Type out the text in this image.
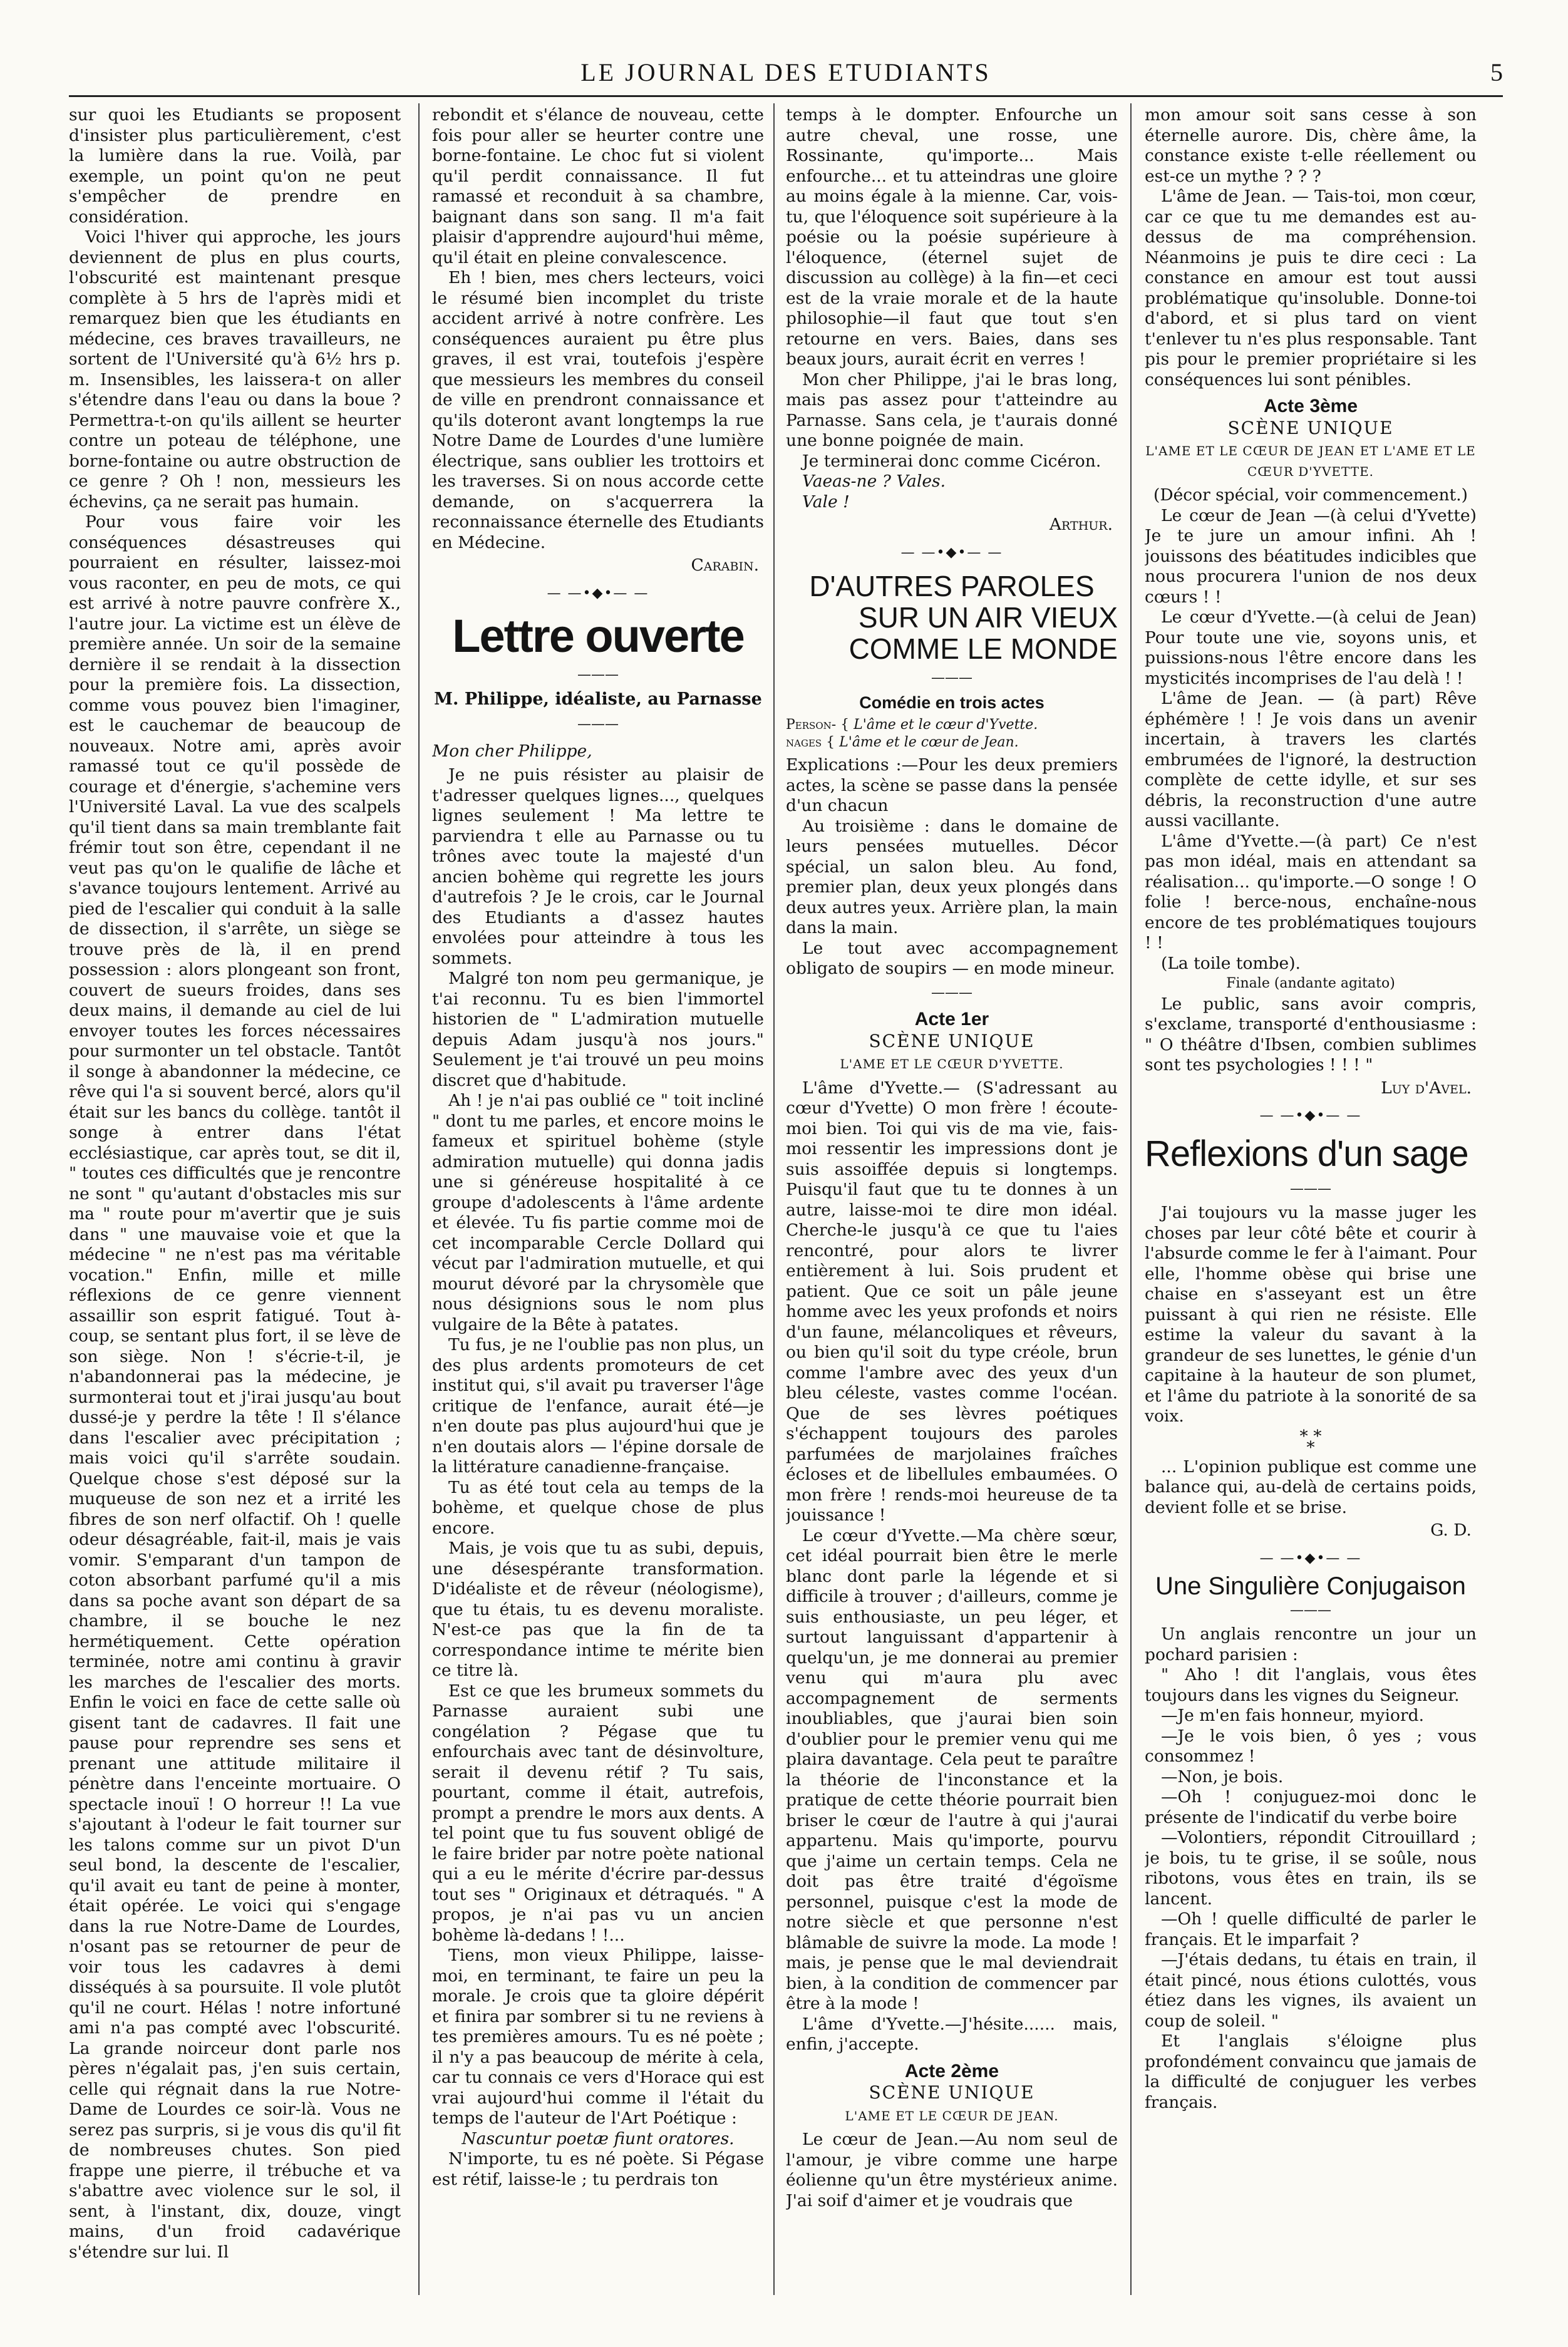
LE JOURNAL DES ETUDIANTS	5

sur quoi les Etudiants se proposent d'insister plus particulièrement, c'est la lumière dans la rue. Voilà, par exemple, un point qu'on ne peut s'empêcher de prendre en considération.

Voici l'hiver qui approche, les jours deviennent de plus en plus courts, l'obscurité est maintenant presque complète à 5 hrs de l'après midi et remarquez bien que les étudiants en médecine, ces braves travailleurs, ne sortent de l'Université qu'à 6½ hrs p. m. Insensibles, les laissera-t on aller s'étendre dans l'eau ou dans la boue ? Permettra-t-on qu'ils aillent se heurter contre un poteau de téléphone, une borne-fontaine ou autre obstruction de ce genre ? Oh ! non, messieurs les échevins, ça ne serait pas humain.

Pour vous faire voir les conséquences désastreuses qui pourraient en résulter, laissez-moi vous raconter, en peu de mots, ce qui est arrivé à notre pauvre confrère X., l'autre jour. La victime est un élève de première année. Un soir de la semaine dernière il se rendait à la dissection pour la première fois. La dissection, comme vous pouvez bien l'imaginer, est le cauchemar de beaucoup de nouveaux. Notre ami, après avoir ramassé tout ce qu'il possède de courage et d'énergie, s'achemine vers l'Université Laval. La vue des scalpels qu'il tient dans sa main tremblante fait frémir tout son être, cependant il ne veut pas qu'on le qualifie de lâche et s'avance toujours lentement. Arrivé au pied de l'escalier qui conduit à la salle de dissection, il s'arrête, un siège se trouve près de là, il en prend possession : alors plongeant son front, couvert de sueurs froides, dans ses deux mains, il demande au ciel de lui envoyer toutes les forces nécessaires pour surmonter un tel obstacle. Tantôt il songe à abandonner la médecine, ce rêve qui l'a si souvent bercé, alors qu'il était sur les bancs du collège. tantôt il songe à entrer dans l'état ecclésiastique, car après tout, se dit il, " toutes ces difficultés que je rencontre ne sont " qu'autant d'obstacles mis sur ma " route pour m'avertir que je suis dans " une mauvaise voie et que la médecine " ne n'est pas ma véritable vocation." Enfin, mille et mille réflexions de ce genre viennent assaillir son esprit fatigué. Tout à-coup, se sentant plus fort, il se lève de son siège. Non ! s'écrie-t-il, je n'abandonnerai pas la médecine, je surmonterai tout et j'irai jusqu'au bout dussé-je y perdre la tête ! Il s'élance dans l'escalier avec précipitation ; mais voici qu'il s'arrête soudain. Quelque chose s'est déposé sur la muqueuse de son nez et a irrité les fibres de son nerf olfactif. Oh ! quelle odeur désagréable, fait-il, mais je vais vomir. S'emparant d'un tampon de coton absorbant parfumé qu'il a mis dans sa poche avant son départ de sa chambre, il se bouche le nez hermétiquement. Cette opération terminée, notre ami continu à gravir les marches de l'escalier des morts. Enfin le voici en face de cette salle où gisent tant de cadavres. Il fait une pause pour reprendre ses sens et prenant une attitude militaire il pénètre dans l'enceinte mortuaire. O spectacle inouï ! O horreur !! La vue s'ajoutant à l'odeur le fait tourner sur les talons comme sur un pivot D'un seul bond, la descente de l'escalier, qu'il avait eu tant de peine à monter, était opérée. Le voici qui s'engage dans la rue Notre-Dame de Lourdes, n'osant pas se retourner de peur de voir tous les cadavres à demi disséqués à sa poursuite. Il vole plutôt qu'il ne court. Hélas ! notre infortuné ami n'a pas compté avec l'obscurité. La grande noirceur dont parle nos pères n'égalait pas, j'en suis certain, celle qui régnait dans la rue Notre-Dame de Lourdes ce soir-là. Vous ne serez pas surpris, si je vous dis qu'il fit de nombreuses chutes. Son pied frappe une pierre, il trébuche et va s'abattre avec violence sur le sol, il sent, à l'instant, dix, douze, vingt mains, d'un froid cadavérique s'étendre sur lui. Il

rebondit et s'élance de nouveau, cette fois pour aller se heurter contre une borne-fontaine. Le choc fut si violent qu'il perdit connaissance. Il fut ramassé et reconduit à sa chambre, baignant dans son sang. Il m'a fait plaisir d'apprendre aujourd'hui même, qu'il était en pleine convalescence.

Eh ! bien, mes chers lecteurs, voici le résumé bien incomplet du triste accident arrivé à notre confrère. Les conséquences auraient pu être plus graves, il est vrai, toutefois j'espère que messieurs les membres du conseil de ville en prendront connaissance et qu'ils doteront avant longtemps la rue Notre Dame de Lourdes d'une lumière électrique, sans oublier les trottoirs et les traverses. Si on nous accorde cette demande, on s'acquerrera la reconnaissance éternelle des Etudiants en Médecine.

Carabin.

— —•◆•— —

Lettre ouverte

———

M. Philippe, idéaliste, au Parnasse

———

Mon cher Philippe,

Je ne puis résister au plaisir de t'adresser quelques lignes..., quelques lignes seulement ! Ma lettre te parviendra t elle au Parnasse ou tu trônes avec toute la majesté d'un ancien bohème qui regrette les jours d'autrefois ? Je le crois, car le Journal des Etudiants a d'assez hautes envolées pour atteindre à tous les sommets.

Malgré ton nom peu germanique, je t'ai reconnu. Tu es bien l'immortel historien de " L'admiration mutuelle depuis Adam jusqu'à nos jours." Seulement je t'ai trouvé un peu moins discret que d'habitude.

Ah ! je n'ai pas oublié ce " toit incliné " dont tu me parles, et encore moins le fameux et spirituel bohème (style admiration mutuelle) qui donna jadis une si généreuse hospitalité à ce groupe d'adolescents à l'âme ardente et élevée. Tu fis partie comme moi de cet incomparable Cercle Dollard qui vécut par l'admiration mutuelle, et qui mourut dévoré par la chrysomèle que nous désignions sous le nom plus vulgaire de la Bête à patates.

Tu fus, je ne l'oublie pas non plus, un des plus ardents promoteurs de cet institut qui, s'il avait pu traverser l'âge critique de l'enfance, aurait été—je n'en doute pas plus aujourd'hui que je n'en doutais alors — l'épine dorsale de la littérature canadienne-française.

Tu as été tout cela au temps de la bohème, et quelque chose de plus encore.

Mais, je vois que tu as subi, depuis, une désespérante transformation. D'idéaliste et de rêveur (néologisme), que tu étais, tu es devenu moraliste. N'est-ce pas que la fin de ta correspondance intime te mérite bien ce titre là.

Est ce que les brumeux sommets du Parnasse auraient subi une congélation ? Pégase que tu enfourchais avec tant de désinvolture, serait il devenu rétif ? Tu sais, pourtant, comme il était, autrefois, prompt a prendre le mors aux dents. A tel point que tu fus souvent obligé de le faire brider par notre poète national qui a eu le mérite d'écrire par-dessus tout ses " Originaux et détraqués. " A propos, je n'ai pas vu un ancien bohème là-dedans ! !...

Tiens, mon vieux Philippe, laisse-moi, en terminant, te faire un peu la morale. Je crois que ta gloire dépérit et finira par sombrer si tu ne reviens à tes premières amours. Tu es né poète ; il n'y a pas beaucoup de mérite à cela, car tu connais ce vers d'Horace qui est vrai aujourd'hui comme il l'était du temps de l'auteur de l'Art Poétique :

Nascuntur poetæ fiunt oratores.

N'importe, tu es né poète. Si Pégase est rétif, laisse-le ; tu perdrais ton

temps à le dompter. Enfourche un autre cheval, une rosse, une Rossinante, qu'importe... Mais enfourche... et tu atteindras une gloire au moins égale à la mienne. Car, vois-tu, que l'éloquence soit supérieure à la poésie ou la poésie supérieure à l'éloquence, (éternel sujet de discussion au collège) à la fin—et ceci est de la vraie morale et de la haute philosophie—il faut que tout s'en retourne en vers. Baies, dans ses beaux jours, aurait écrit en verres !

Mon cher Philippe, j'ai le bras long, mais pas assez pour t'atteindre au Parnasse. Sans cela, je t'aurais donné une bonne poignée de main.

Je terminerai donc comme Cicéron.

Vaeas-ne ? Vales.

Vale !

Arthur.

— —•◆•— —

D'AUTRES PAROLES
SUR UN AIR VIEUX
COMME LE MONDE

———

Comédie en trois actes
Person- { L'âme et le cœur d'Yvette.
nages { L'âme et le cœur de Jean.

Explications :—Pour les deux premiers actes, la scène se passe dans la pensée d'un chacun

Au troisième : dans le domaine de leurs pensées mutuelles. Décor spécial, un salon bleu. Au fond, premier plan, deux yeux plongés dans deux autres yeux. Arrière plan, la main dans la main.

Le tout avec accompagnement obligato de soupirs — en mode mineur.

———

Acte 1er
SCÈNE UNIQUE

L'AME ET LE CŒUR D'YVETTE.

L'âme d'Yvette.— (S'adressant au cœur d'Yvette) O mon frère ! écoute-moi bien. Toi qui vis de ma vie, fais-moi ressentir les impressions dont je suis assoiffée depuis si longtemps. Puisqu'il faut que tu te donnes à un autre, laisse-moi te dire mon idéal. Cherche-le jusqu'à ce que tu l'aies rencontré, pour alors te livrer entièrement à lui. Sois prudent et patient. Que ce soit un pâle jeune homme avec les yeux profonds et noirs d'un faune, mélancoliques et rêveurs, ou bien qu'il soit du type créole, brun comme l'ambre avec des yeux d'un bleu céleste, vastes comme l'océan. Que de ses lèvres poétiques s'échappent toujours des paroles parfumées de marjolaines fraîches écloses et de libellules embaumées. O mon frère ! rends-moi heureuse de ta jouissance !

Le cœur d'Yvette.—Ma chère sœur, cet idéal pourrait bien être le merle blanc dont parle la légende et si difficile à trouver ; d'ailleurs, comme je suis enthousiaste, un peu léger, et surtout languissant d'appartenir à quelqu'un, je me donnerai au premier venu qui m'aura plu avec accompagnement de serments inoubliables, que j'aurai bien soin d'oublier pour le premier venu qui me plaira davantage. Cela peut te paraître la théorie de l'inconstance et la pratique de cette théorie pourrait bien briser le cœur de l'autre à qui j'aurai appartenu. Mais qu'importe, pourvu que j'aime un certain temps. Cela ne doit pas être traité d'égoïsme personnel, puisque c'est la mode de notre siècle et que personne n'est blâmable de suivre la mode. La mode ! mais, je pense que le mal deviendrait bien, à la condition de commencer par être à la mode !

L'âme d'Yvette.—J'hésite...... mais, enfin, j'accepte.

Acte 2ème
SCÈNE UNIQUE

L'AME ET LE CŒUR DE JEAN.

Le cœur de Jean.—Au nom seul de l'amour, je vibre comme une harpe éolienne qu'un être mystérieux anime. J'ai soif d'aimer et je voudrais que

mon amour soit sans cesse à son éternelle aurore. Dis, chère âme, la constance existe t-elle réellement ou est-ce un mythe ? ? ?

L'âme de Jean. — Tais-toi, mon cœur, car ce que tu me demandes est au-dessus de ma compréhension. Néanmoins je puis te dire ceci : La constance en amour est tout aussi problématique qu'insoluble. Donne-toi d'abord, et si plus tard on vient t'enlever tu n'es plus responsable. Tant pis pour le premier propriétaire si les conséquences lui sont pénibles.

Acte 3ème
SCÈNE UNIQUE

L'AME ET LE CŒUR DE JEAN ET L'AME ET LE CŒUR D'YVETTE.

(Décor spécial, voir commencement.)

Le cœur de Jean —(à celui d'Yvette) Je te jure un amour infini. Ah ! jouissons des béatitudes indicibles que nous procurera l'union de nos deux cœurs ! !

Le cœur d'Yvette.—(à celui de Jean) Pour toute une vie, soyons unis, et puissions-nous l'être encore dans les mysticités incomprises de l'au delà ! !

L'âme de Jean. — (à part) Rêve éphémère ! ! Je vois dans un avenir incertain, à travers les clartés embrumées de l'ignoré, la destruction complète de cette idylle, et sur ses débris, la reconstruction d'une autre aussi vacillante.

L'âme d'Yvette.—(à part) Ce n'est pas mon idéal, mais en attendant sa réalisation... qu'importe.—O songe ! O folie ! berce-nous, enchaîne-nous encore de tes problématiques toujours ! !

(La toile tombe).

Finale (andante agitato)

Le public, sans avoir compris, s'exclame, transporté d'enthousiasme : " O théâtre d'Ibsen, combien sublimes sont tes psychologies ! ! ! "

Luy d'Avel.

— —•◆•— —

Reflexions d'un sage

———

J'ai toujours vu la masse juger les choses par leur côté bête et courir à l'absurde comme le fer à l'aimant. Pour elle, l'homme obèse qui brise une chaise en s'asseyant est un être puissant à qui rien ne résiste. Elle estime la valeur du savant à la grandeur de ses lunettes, le génie d'un capitaine à la hauteur de son plumet, et l'âme du patriote à la sonorité de sa voix.

* *
*

... L'opinion publique est comme une balance qui, au-delà de certains poids, devient folle et se brise.

G. D.

— —•◆•— —

Une Singulière Conjugaison

———

Un anglais rencontre un jour un pochard parisien :

" Aho ! dit l'anglais, vous êtes toujours dans les vignes du Seigneur.

—Je m'en fais honneur, myiord.

—Je le vois bien, ô yes ; vous consommez !

—Non, je bois.

—Oh ! conjuguez-moi donc le présente de l'indicatif du verbe boire

—Volontiers, répondit Citrouillard ; je bois, tu te grise, il se soûle, nous ribotons, vous êtes en train, ils se lancent.

—Oh ! quelle difficulté de parler le français. Et le imparfait ?

—J'étais dedans, tu étais en train, il était pincé, nous étions culottés, vous étiez dans les vignes, ils avaient un coup de soleil. "

Et l'anglais s'éloigne plus profondément convaincu que jamais de la difficulté de conjuguer les verbes français.
